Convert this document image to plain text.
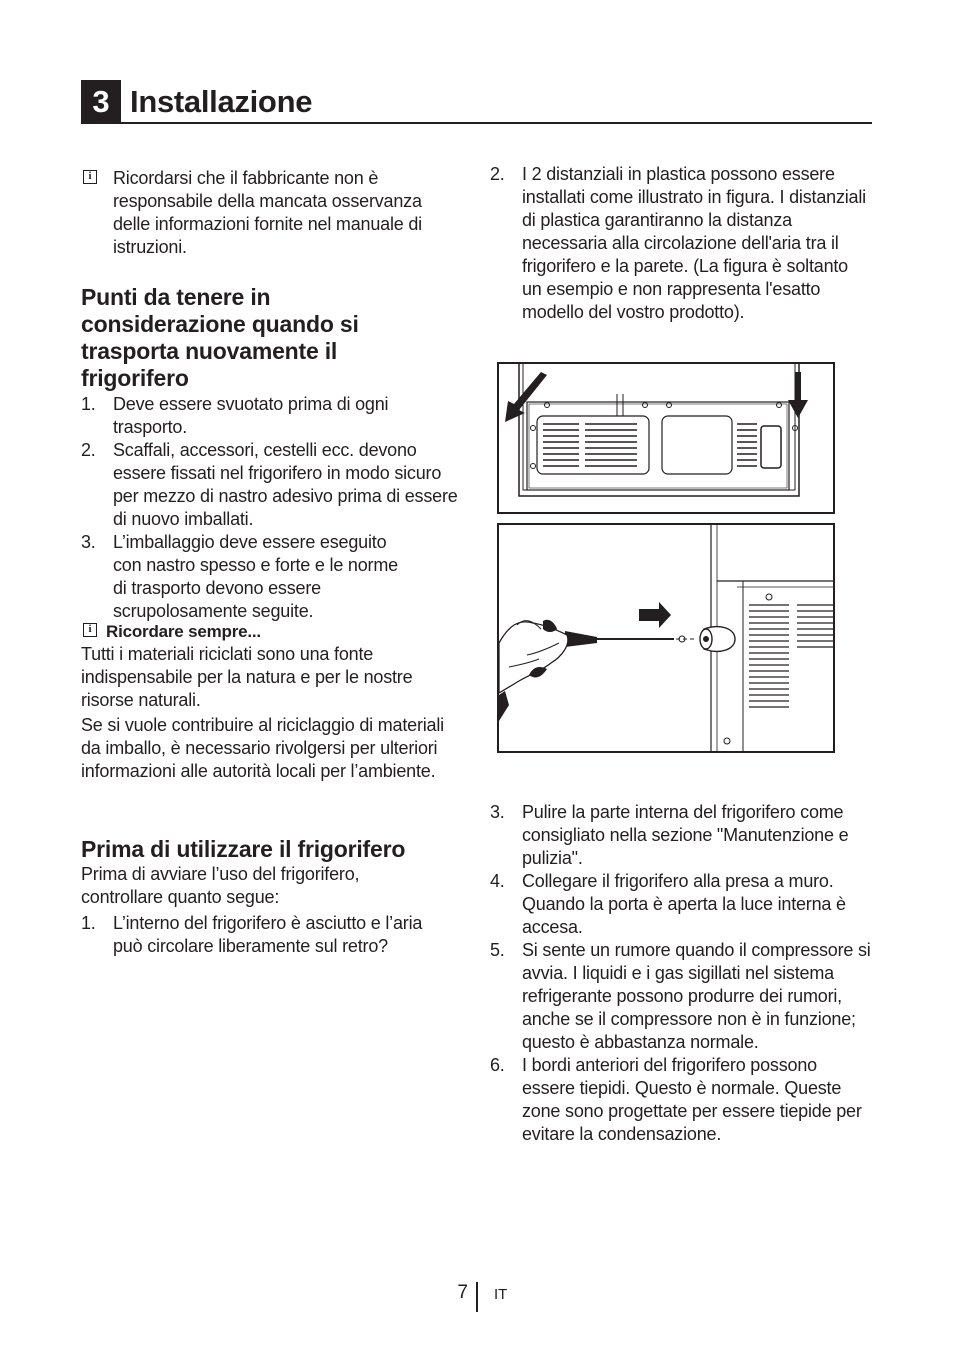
3 Installazione
i	Ricordarsi che il fabbricante non è responsabile della mancata osservanza delle informazioni fornite nel manuale di istruzioni.
Punti da tenere in considerazione quando si trasporta nuovamente il frigorifero
1. Deve essere svuotato prima di ogni trasporto.
2. Scaffali, accessori, cestelli ecc. devono essere fissati nel frigorifero in modo sicuro per mezzo di nastro adesivo prima di essere di nuovo imballati.
3. L’imballaggio deve essere eseguito con nastro spesso e forte e le norme di trasporto devono essere scrupolosamente seguite.
i Ricordare sempre...
Tutti i materiali riciclati sono una fonte indispensabile per la natura e per le nostre risorse naturali.
Se si vuole contribuire al riciclaggio di materiali da imballo, è necessario rivolgersi per ulteriori informazioni alle autorità locali per l’ambiente.
Prima di utilizzare il frigorifero
Prima di avviare l’uso del frigorifero, controllare quanto segue:
1. L’interno del frigorifero è asciutto e l’aria può circolare liberamente sul retro?
2. I 2 distanziali in plastica possono essere installati come illustrato in figura. I distanziali di plastica garantiranno la distanza necessaria alla circolazione dell'aria tra il frigorifero e la parete. (La figura è soltanto un esempio e non rappresenta l'esatto modello del vostro prodotto).
3. Pulire la parte interna del frigorifero come consigliato nella sezione "Manutenzione e pulizia".
4. Collegare il frigorifero alla presa a muro. Quando la porta è aperta la luce interna è accesa.
5. Si sente un rumore quando il compressore si avvia. I liquidi e i gas sigillati nel sistema refrigerante possono produrre dei rumori, anche se il compressore non è in funzione; questo è abbastanza normale.
6. I bordi anteriori del frigorifero possono essere tiepidi. Questo è normale. Queste zone sono progettate per essere tiepide per evitare la condensazione.
7 IT
